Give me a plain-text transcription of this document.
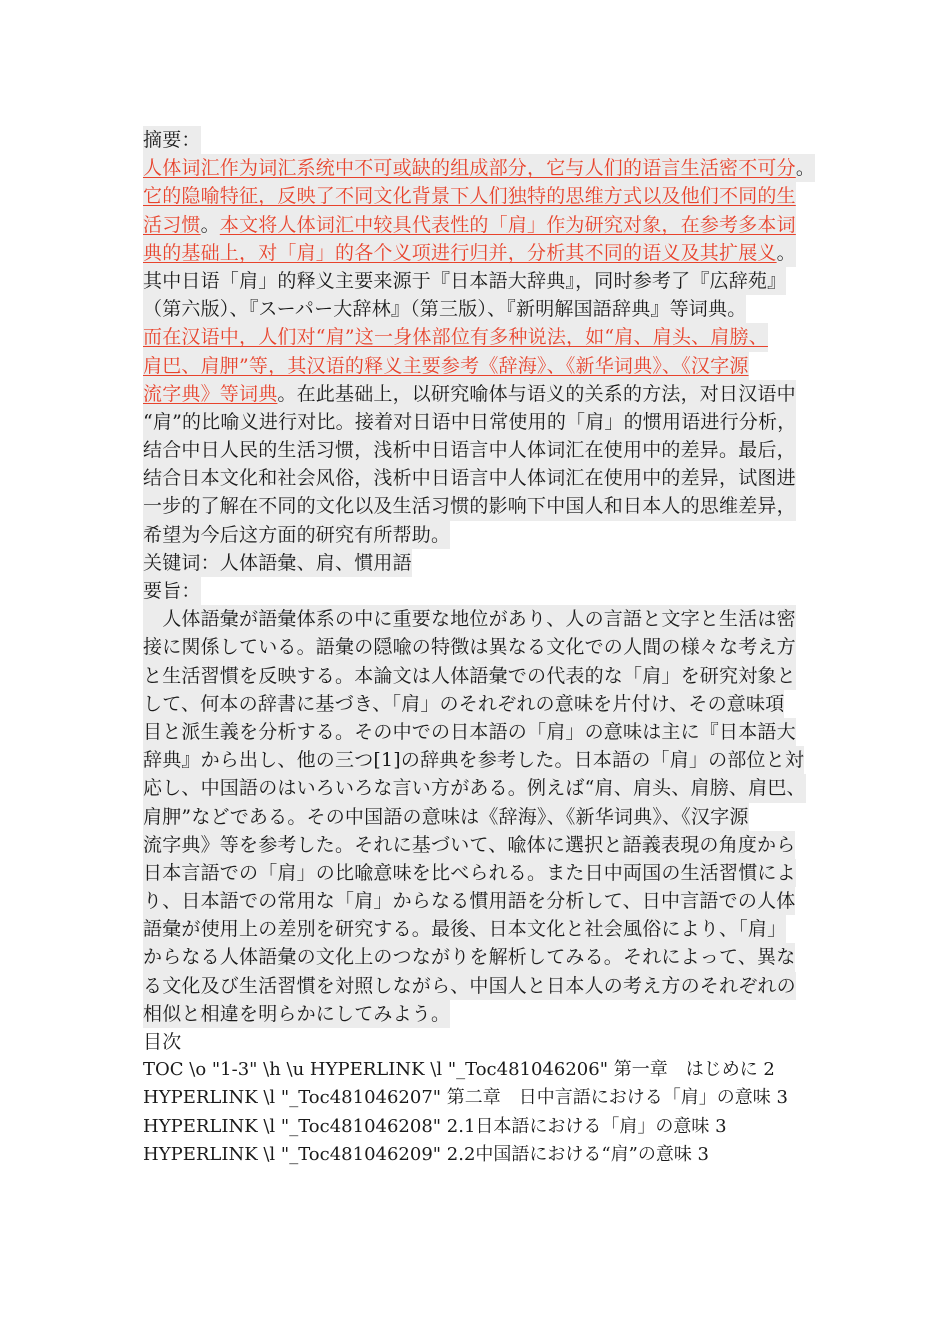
摘要：
人体词汇作为词汇系统中不可或缺的组成部分，它与人们的语言生活密不可分。
它的隐喻特征，反映了不同文化背景下人们独特的思维方式以及他们不同的生
活习惯。本文将人体词汇中较具代表性的「肩」作为研究对象，在参考多本词
典的基础上，对「肩」的各个义项进行归并，分析其不同的语义及其扩展义。
其中日语「肩」的释义主要来源于『日本語大辞典』，同时参考了『広辞苑』
（第六版）、『スーパー大辞林』（第三版）、『新明解国語辞典』等词典。
而在汉语中，人们对“肩”这一身体部位有多种说法，如“肩、肩头、肩膀、
肩巴、肩胛”等，其汉语的释义主要参考《辞海》、《新华词典》、《汉字源
流字典》等词典。在此基础上，以研究喻体与语义的关系的方法，对日汉语中
“肩”的比喻义进行对比。接着对日语中日常使用的「肩」的惯用语进行分析，
结合中日人民的生活习惯，浅析中日语言中人体词汇在使用中的差异。最后，
结合日本文化和社会风俗，浅析中日语言中人体词汇在使用中的差异，试图进
一步的了解在不同的文化以及生活习惯的影响下中国人和日本人的思维差异，
希望为今后这方面的研究有所帮助。
关键词：人体語彙、肩、慣用語
要旨：
　人体語彙が語彙体系の中に重要な地位があり、人の言語と文字と生活は密
接に関係している。語彙の隠喩の特徴は異なる文化での人間の様々な考え方
と生活習慣を反映する。本論文は人体語彙での代表的な「肩」を研究対象と
して、何本の辞書に基づき、「肩」のそれぞれの意味を片付け、その意味項
目と派生義を分析する。その中での日本語の「肩」の意味は主に『日本語大
辞典』から出し、他の三つ[1]の辞典を参考した。日本語の「肩」の部位と対
応し、中国語のはいろいろな言い方がある。例えば“肩、肩头、肩膀、肩巴、
肩胛”などである。その中国語の意味は《辞海》、《新华词典》、《汉字源
流字典》等を参考した。それに基づいて、喩体に選択と語義表現の角度から
日本言語での「肩」の比喩意味を比べられる。また日中両国の生活習慣によ
り、日本語での常用な「肩」からなる慣用語を分析して、日中言語での人体
語彙が使用上の差別を研究する。最後、日本文化と社会風俗により、「肩」
からなる人体語彙の文化上のつながりを解析してみる。それによって、異な
る文化及び生活習慣を対照しながら、中国人と日本人の考え方のそれぞれの
相似と相違を明らかにしてみよう。
目次
TOC \o "1-3" \h \u HYPERLINK \l "_Toc481046206" 第一章　はじめに 2
HYPERLINK \l "_Toc481046207" 第二章　日中言語における「肩」の意味 3
HYPERLINK \l "_Toc481046208" 2.1日本語における「肩」の意味 3
HYPERLINK \l "_Toc481046209" 2.2中国語における“肩”の意味 3
